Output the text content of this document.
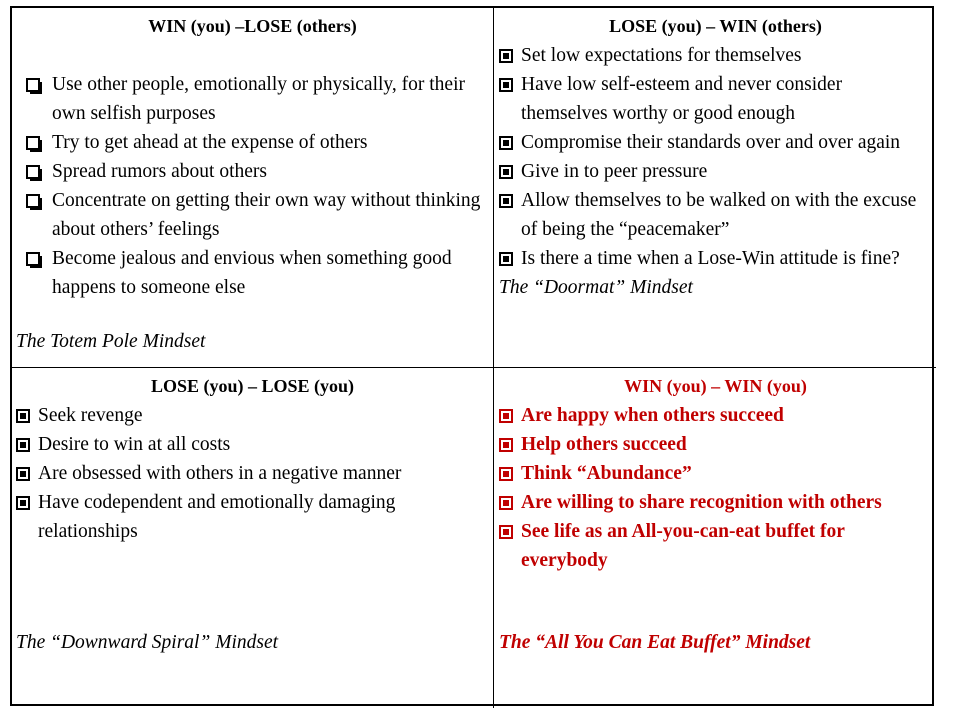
WIN (you) –LOSE (others)

Use other people, emotionally or physically, for their own selfish purposes
Try to get ahead at the expense of others
Spread rumors about others
Concentrate on getting their own way without thinking about others’ feelings
Become jealous and envious when something good happens to someone else

The Totem Pole Mindset

LOSE (you) – WIN (others)

Set low expectations for themselves
Have low self-esteem and never consider themselves worthy or good enough
Compromise their standards over and over again
Give in to peer pressure
Allow themselves to be walked on with the excuse of being the “peacemaker”
Is there a time when a Lose-Win attitude is fine?

The “Doormat” Mindset

LOSE (you) – LOSE (you)

Seek revenge
Desire to win at all costs
Are obsessed with others in a negative manner
Have codependent and emotionally damaging relationships

The “Downward Spiral” Mindset

WIN (you) – WIN (you)

Are happy when others succeed
Help others succeed
Think “Abundance”
Are willing to share recognition with others
See life as an All-you-can-eat buffet for everybody

The “All You Can Eat Buffet” Mindset
